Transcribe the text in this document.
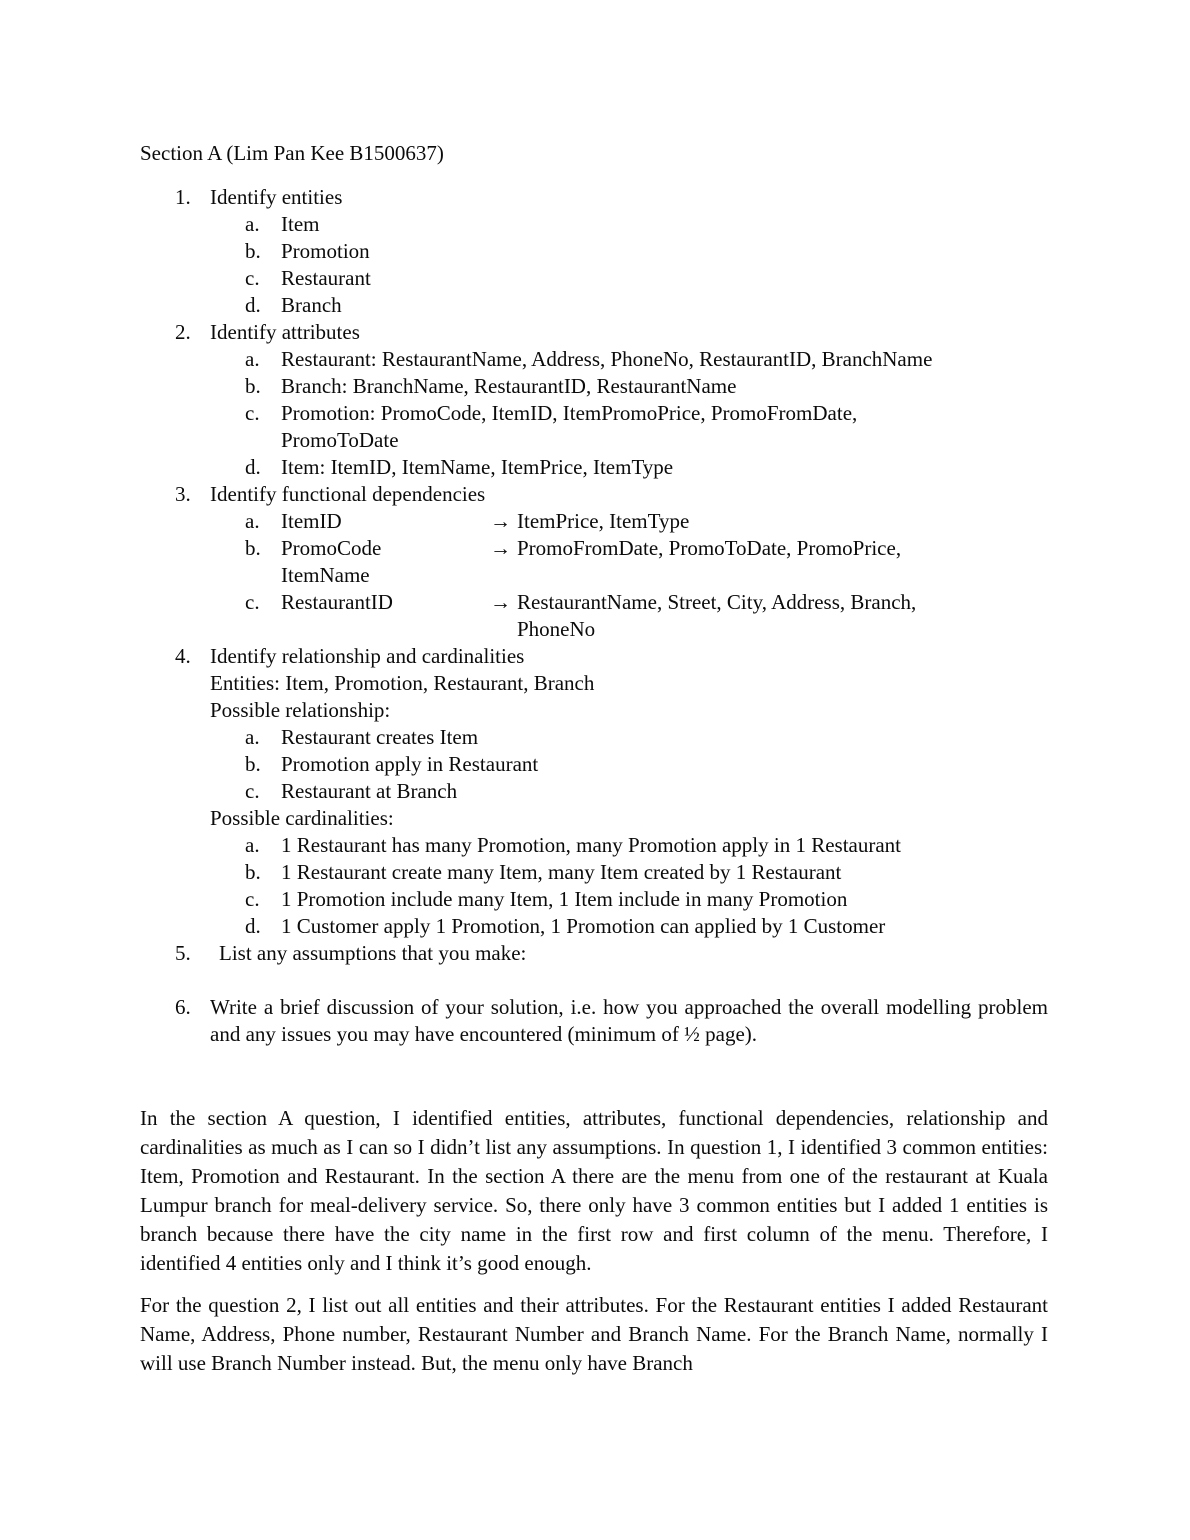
Section A (Lim Pan Kee B1500637)

1. Identify entities
a.	Item
b. Promotion
c.	Restaurant
d. Branch
2. Identify attributes
a.	Restaurant: RestaurantName, Address, PhoneNo, RestaurantID, BranchName
b. Branch: BranchName, RestaurantID, RestaurantName
c.	Promotion: PromoCode, ItemID, ItemPromoPrice, PromoFromDate,
PromoToDate
d. Item: ItemID, ItemName, ItemPrice, ItemType
3. Identify functional dependencies
a.	ItemID	→ ItemPrice, ItemType
b. PromoCode	→ PromoFromDate, PromoToDate, PromoPrice,
ItemName
c.	RestaurantID	→ RestaurantName, Street, City, Address, Branch,
PhoneNo
4. Identify relationship and cardinalities
Entities: Item, Promotion, Restaurant, Branch
Possible relationship:
a.	Restaurant creates Item
b. Promotion apply in Restaurant
c.	Restaurant at Branch
Possible cardinalities:
a.	1 Restaurant has many Promotion, many Promotion apply in 1 Restaurant
b. 1 Restaurant create many Item, many Item created by 1 Restaurant
c.	1 Promotion include many Item, 1 Item include in many Promotion
d. 1 Customer apply 1 Promotion, 1 Promotion can applied by 1 Customer
5.	List any assumptions that you make:
6. Write a brief discussion of your solution, i.e. how you approached the overall modelling problem and any issues you may have encountered (minimum of ½ page).

In the section A question, I identified entities, attributes, functional dependencies, relationship and cardinalities as much as I can so I didn’t list any assumptions. In question 1, I identified 3 common entities: Item, Promotion and Restaurant. In the section A there are the menu from one of the restaurant at Kuala Lumpur branch for meal-delivery service. So, there only have 3 common entities but I added 1 entities is branch because there have the city name in the first row and first column of the menu. Therefore, I identified 4 entities only and I think it’s good enough.

For the question 2, I list out all entities and their attributes. For the Restaurant entities I added Restaurant Name, Address, Phone number, Restaurant Number and Branch Name. For the Branch Name, normally I will use Branch Number instead. But, the menu only have Branch
